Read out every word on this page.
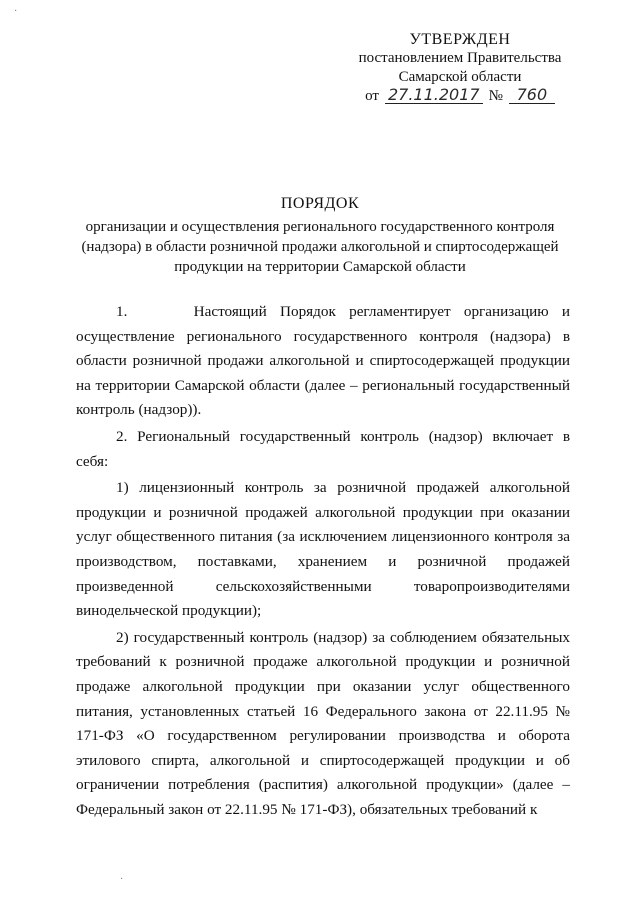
·
·
УТВЕРЖДЕН
постановлением Правительства
Самарской области
от 27.11.2017 № 760
ПОРЯДОК
организации и осуществления регионального государственного контроля (надзора) в области розничной продажи алкогольной и спиртосодержащей продукции на территории Самарской области

1.     Настоящий Порядок регламентирует организацию и осуществление регионального государственного контроля (надзора) в области розничной продажи алкогольной и спиртосодержащей продукции на территории Самарской области (далее – региональный государственный контроль (надзор)).

2. Региональный государственный контроль (надзор) включает в себя:

1) лицензионный контроль за розничной продажей алкогольной продукции и розничной продажей алкогольной продукции при оказании услуг общественного питания (за исключением лицензионного контроля за производством, поставками, хранением и розничной продажей произведенной сельскохозяйственными товаропроизводителями винодельческой продукции);

2) государственный контроль (надзор) за соблюдением обязательных требований к розничной продаже алкогольной продукции и розничной продаже алкогольной продукции при оказании услуг общественного питания, установленных статьей 16 Федерального закона от 22.11.95 № 171-ФЗ «О государственном регулировании производства и оборота этилового спирта, алкогольной и спиртосодержащей продукции и об ограничении потребления (распития) алкогольной продукции» (далее – Федеральный закон от 22.11.95 № 171-ФЗ), обязательных требований к
